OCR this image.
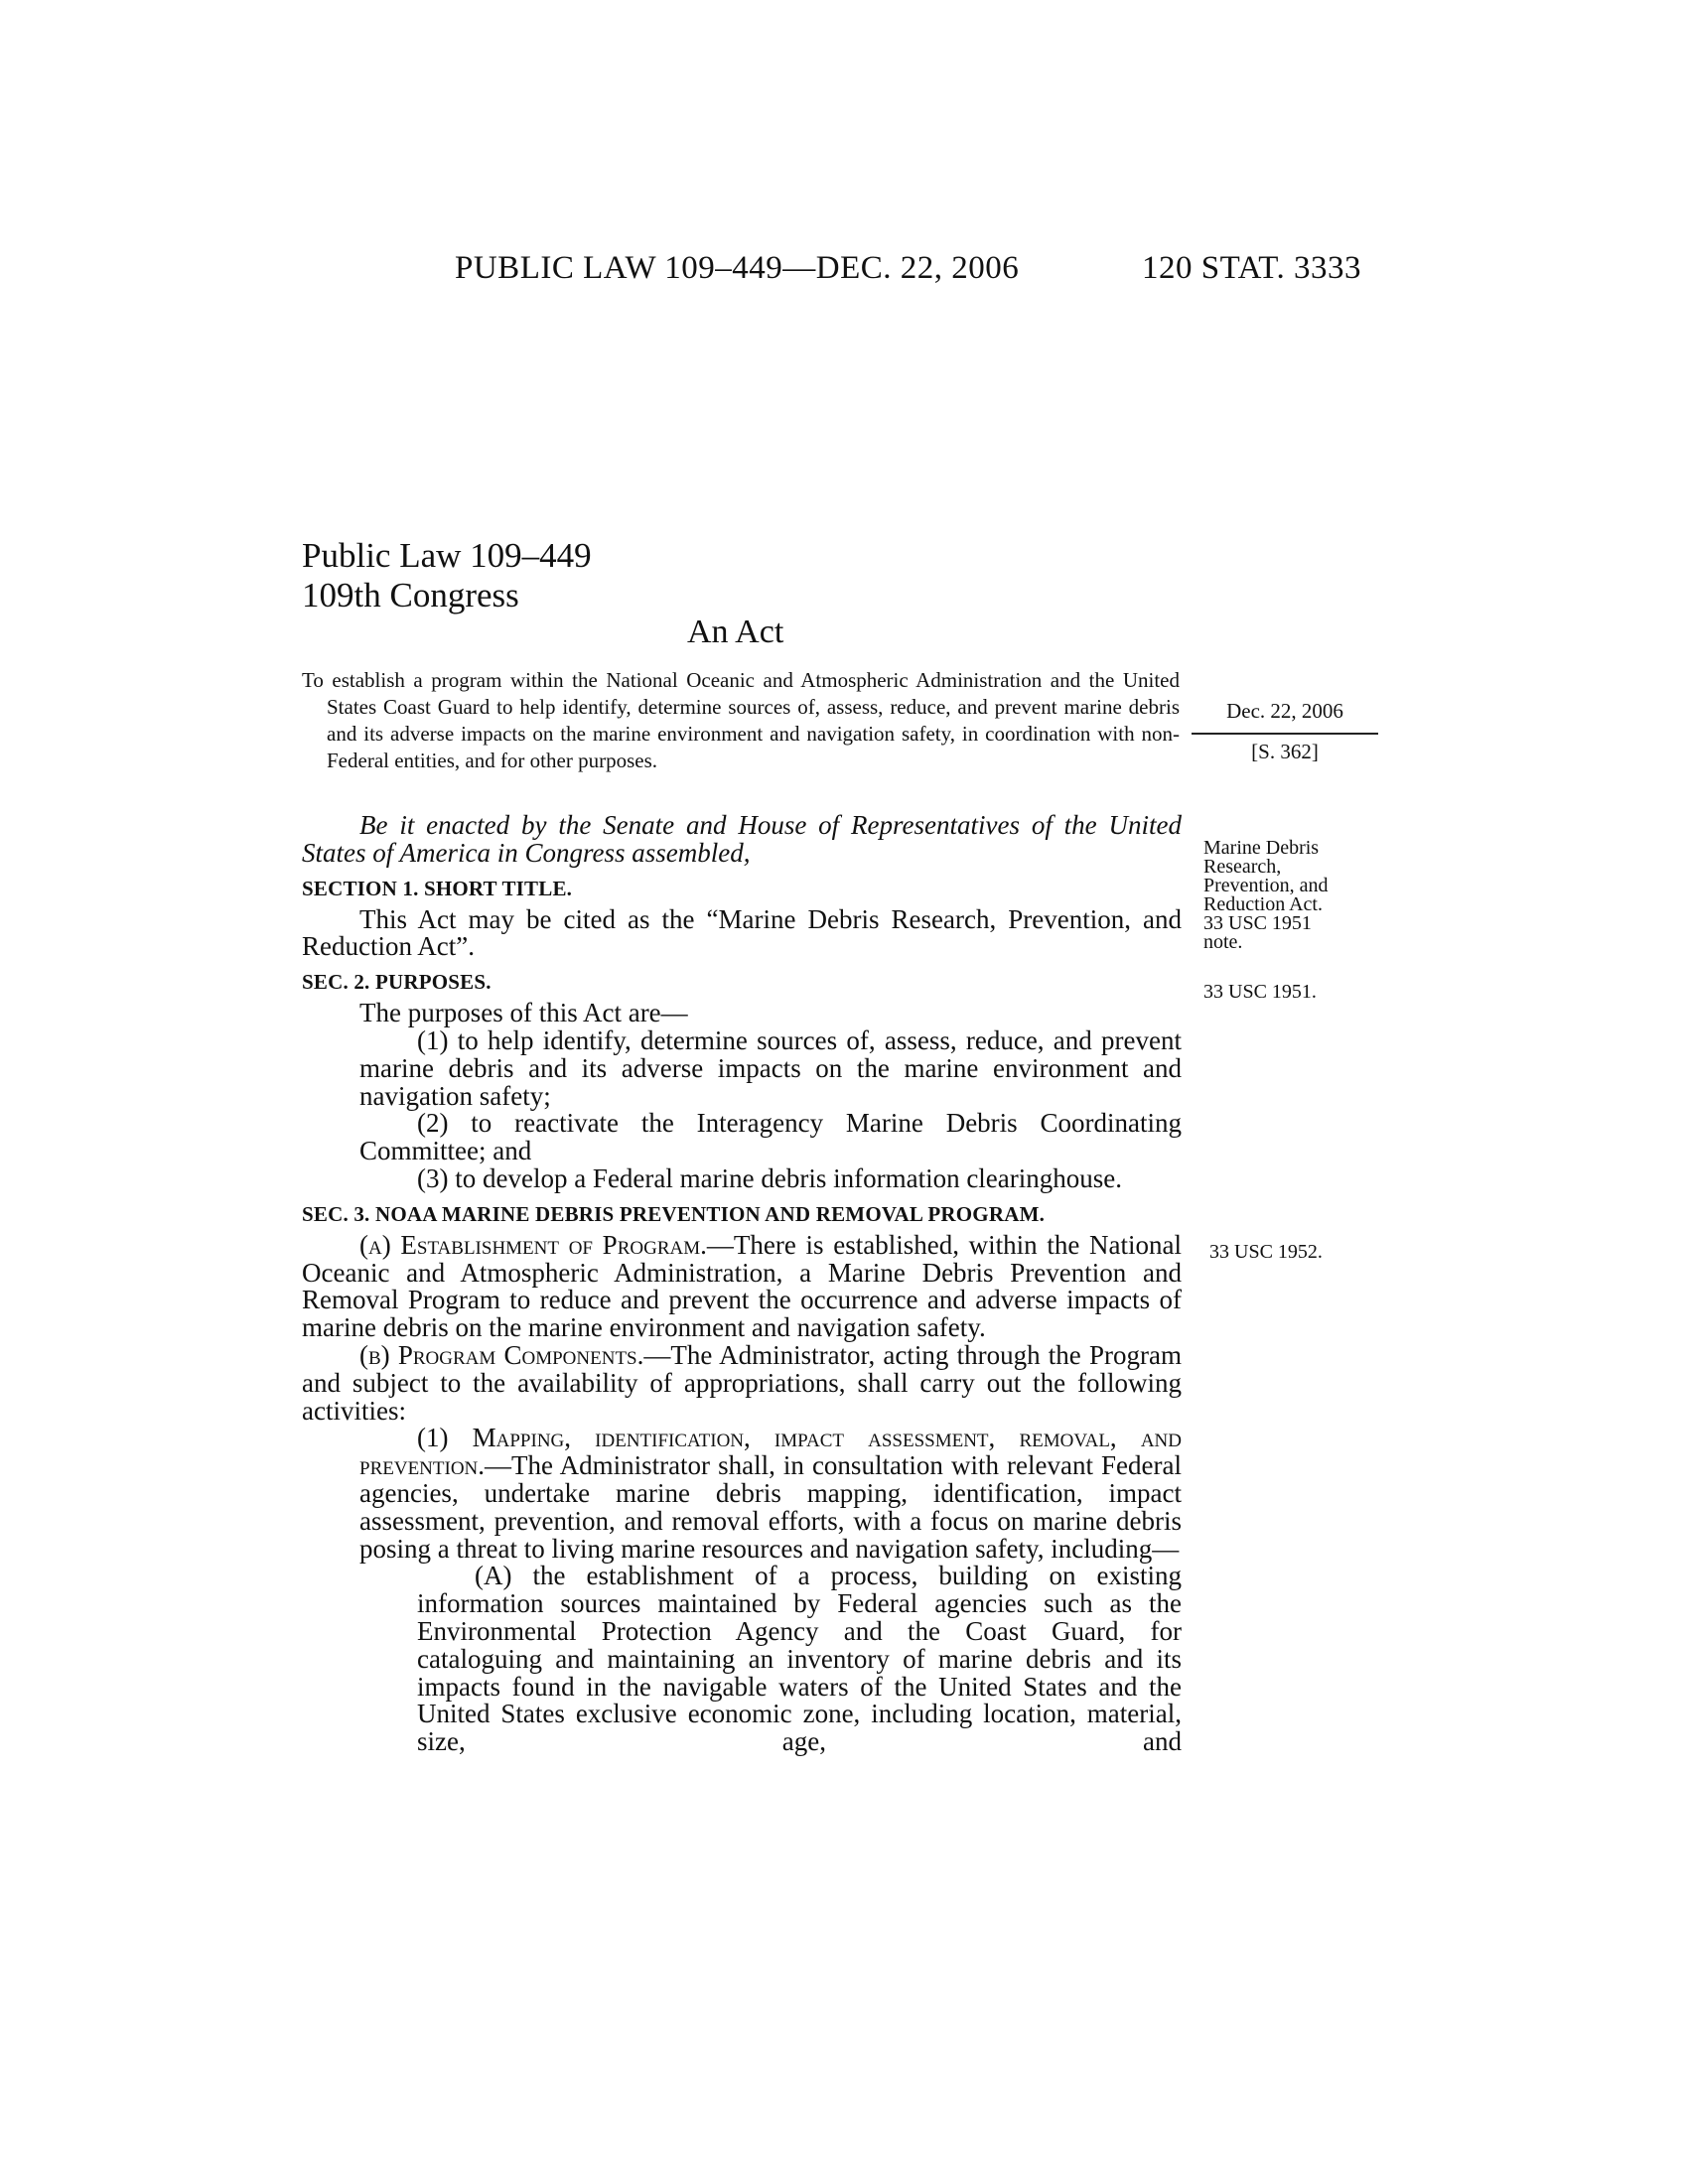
PUBLIC LAW 109–449—DEC. 22, 2006	120 STAT. 3333
Public Law 109–449
109th Congress
An Act

To establish a program within the National Oceanic and Atmospheric Administration and the United States Coast Guard to help identify, determine sources of, assess, reduce, and prevent marine debris and its adverse impacts on the marine environment and navigation safety, in coordination with non-Federal entities, and for other purposes.

Dec. 22, 2006
[S. 362]

Be it enacted by the Senate and House of Representatives of the United States of America in Congress assembled,

SECTION 1. SHORT TITLE.

This Act may be cited as the “Marine Debris Research, Prevention, and Reduction Act”.

SEC. 2. PURPOSES.

The purposes of this Act are—

(1) to help identify, determine sources of, assess, reduce, and prevent marine debris and its adverse impacts on the marine environment and navigation safety;

(2) to reactivate the Interagency Marine Debris Coordinating Committee; and

(3) to develop a Federal marine debris information clearinghouse.

SEC. 3. NOAA MARINE DEBRIS PREVENTION AND REMOVAL PROGRAM.

(a) Establishment of Program.—There is established, within the National Oceanic and Atmospheric Administration, a Marine Debris Prevention and Removal Program to reduce and prevent the occurrence and adverse impacts of marine debris on the marine environment and navigation safety.

(b) Program Components.—The Administrator, acting through the Program and subject to the availability of appropriations, shall carry out the following activities:

(1) Mapping, identification, impact assessment, removal, and prevention.—The Administrator shall, in consultation with relevant Federal agencies, undertake marine debris mapping, identification, impact assessment, prevention, and removal efforts, with a focus on marine debris posing a threat to living marine resources and navigation safety, including—

(A) the establishment of a process, building on existing information sources maintained by Federal agencies such as the Environmental Protection Agency and the Coast Guard, for cataloguing and maintaining an inventory of marine debris and its impacts found in the navigable waters of the United States and the United States exclusive economic zone, including location, material, size, age, and

Marine Debris
Research,
Prevention, and
Reduction Act.
33 USC 1951
note.
33 USC 1951.
33 USC 1952.
